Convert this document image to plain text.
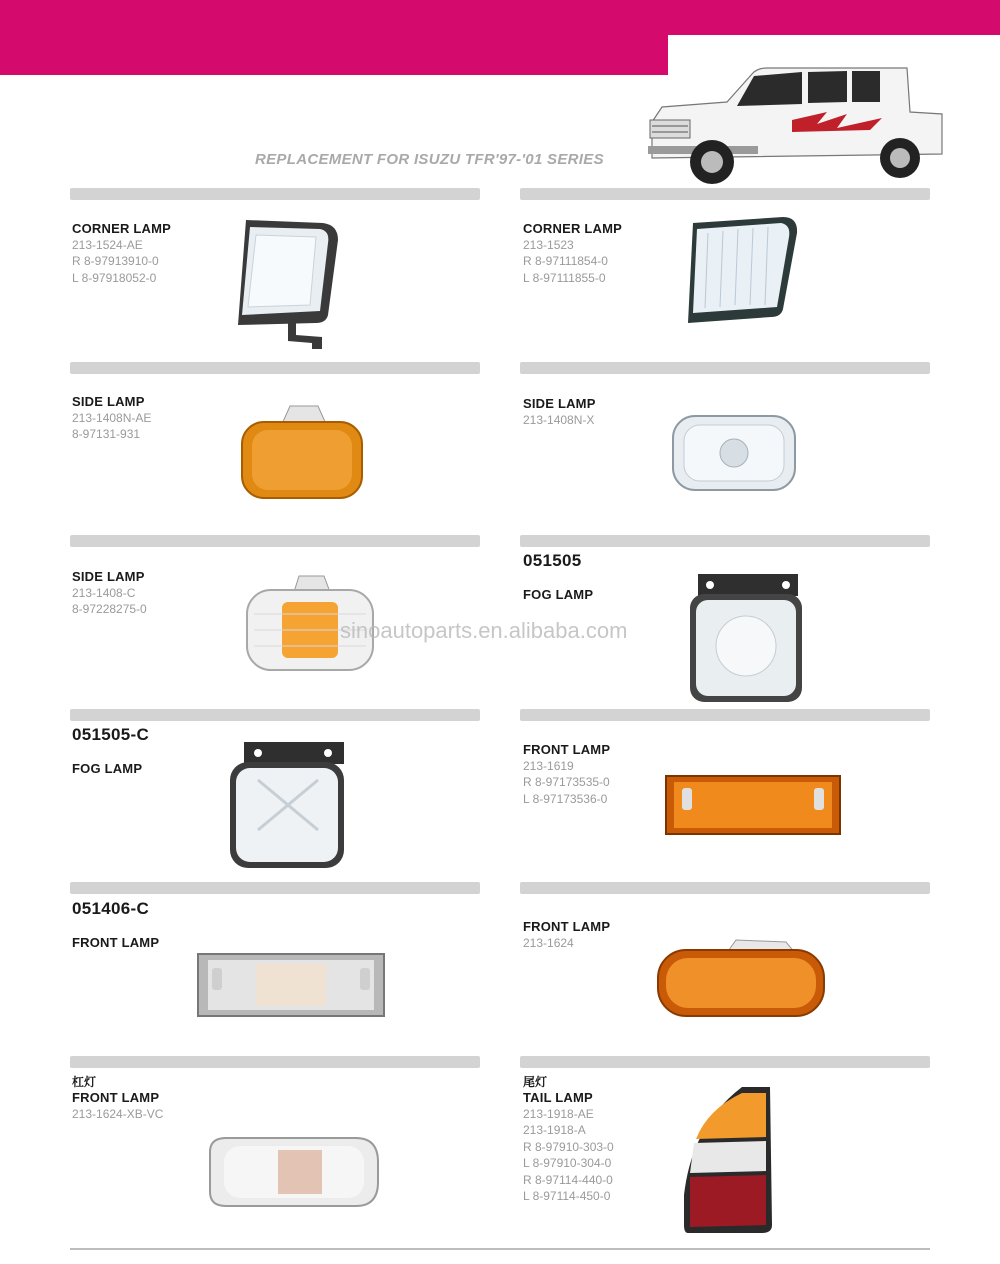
REPLACEMENT FOR ISUZU TFR'97-'01 SERIES
CORNER LAMP
213-1524-AE
R 8-97913910-0
L 8-97918052-0
CORNER LAMP
213-1523
R 8-97111854-0
L 8-97111855-0
SIDE LAMP
213-1408N-AE
8-97131-931
SIDE LAMP
213-1408N-X
SIDE LAMP
213-1408-C
8-97228275-0
051505
FOG LAMP
sinoautoparts.en.alibaba.com
051505-C
FOG LAMP
FRONT LAMP
213-1619
R 8-97173535-0
L 8-97173536-0
051406-C
FRONT LAMP
FRONT LAMP
213-1624
杠灯
FRONT LAMP
213-1624-XB-VC
尾灯
TAIL LAMP
213-1918-AE
213-1918-A
R 8-97910-303-0
L 8-97910-304-0
R 8-97114-440-0
L 8-97114-450-0
